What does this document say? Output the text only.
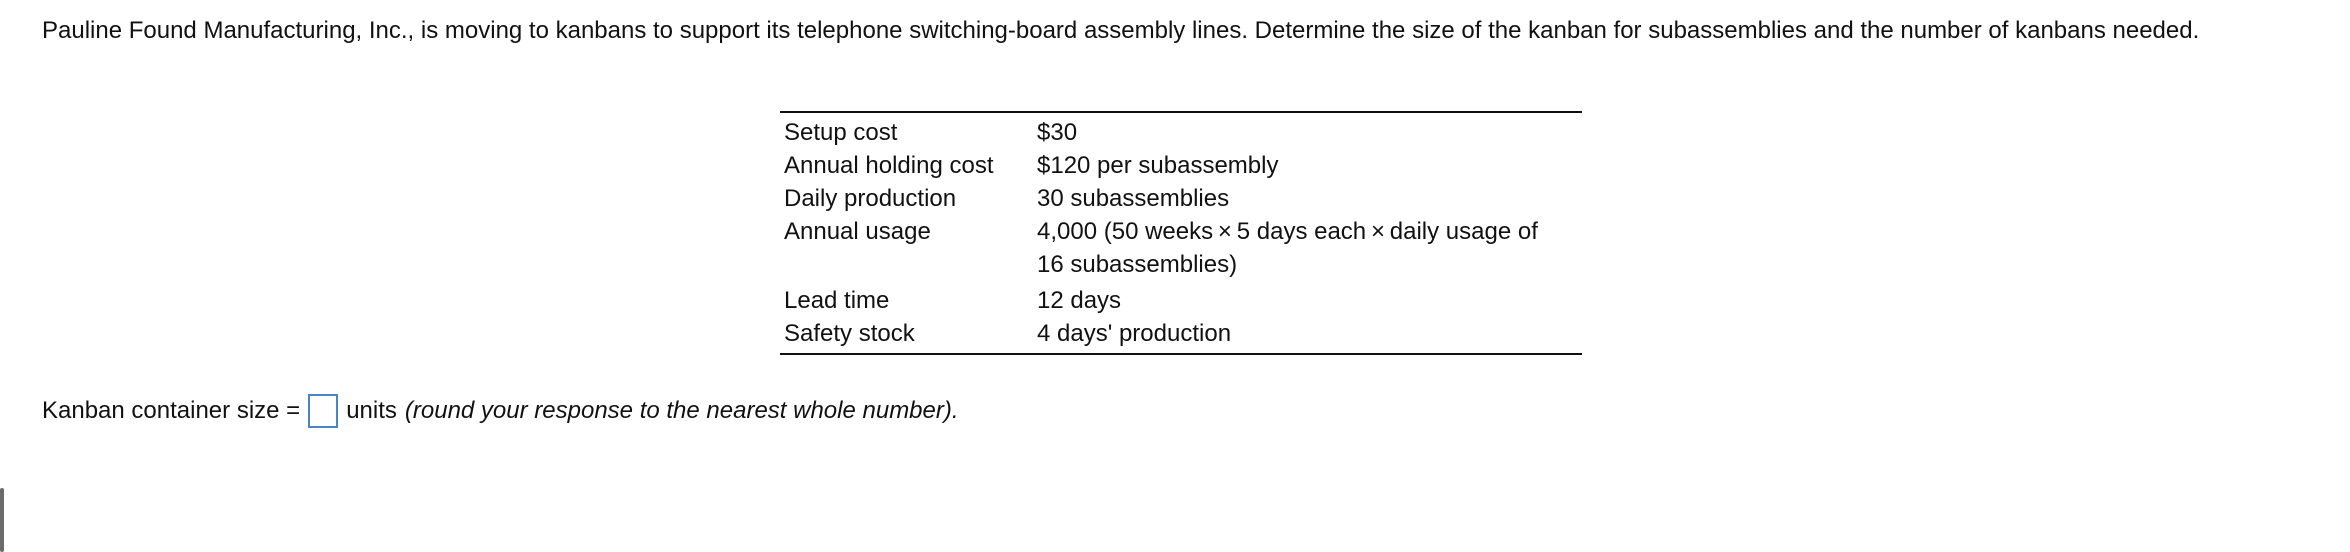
Pauline Found Manufacturing, Inc., is moving to kanbans to support its telephone switching-board assembly lines. Determine the size of the kanban for subassemblies and the number of kanbans needed.

Setup cost	$30
Annual holding cost	$120 per subassembly
Daily production	30 subassemblies
Annual usage	4,000 (50 weeks × 5 days each × daily usage of
16 subassemblies)

Lead time	12 days
Safety stock	4 days' production
Kanban container size = units (round your response to the nearest whole number).
